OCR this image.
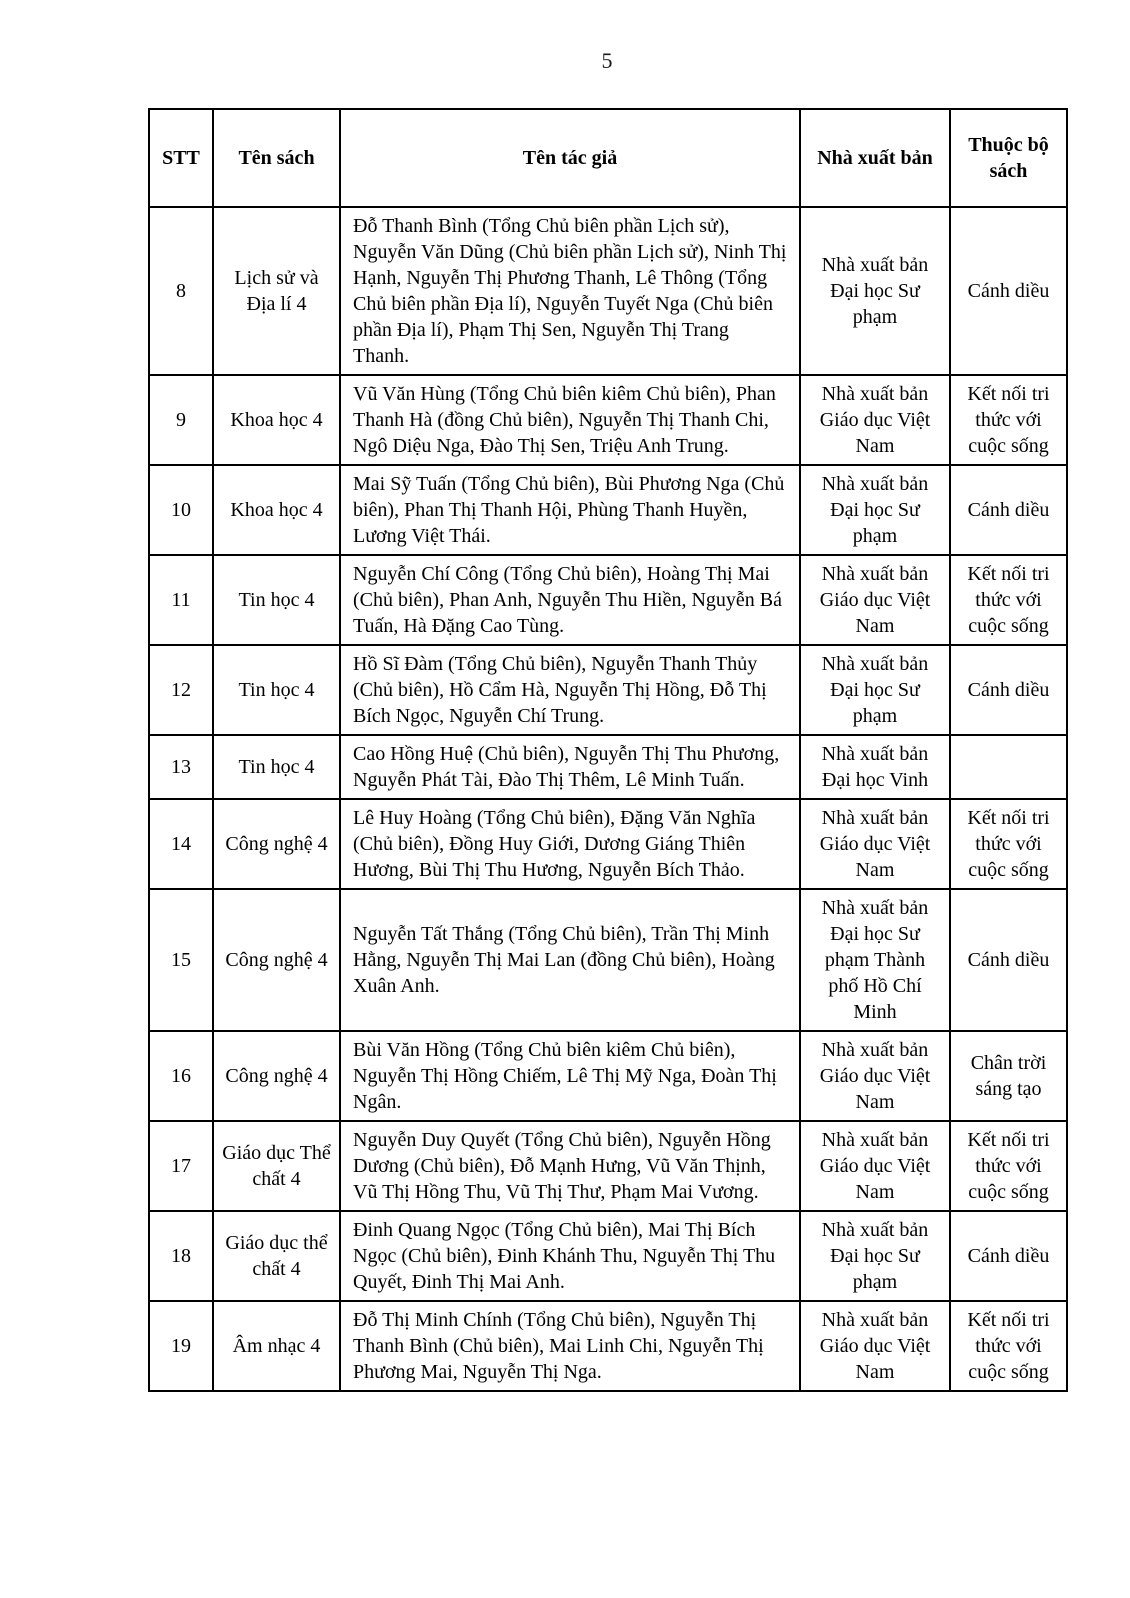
5
STT	Tên sách	Tên tác giả	Nhà xuất bản	Thuộc bộ sách
8	Lịch sử và Địa lí 4	Đỗ Thanh Bình (Tổng Chủ biên phần Lịch sử), Nguyễn Văn Dũng (Chủ biên phần Lịch sử), Ninh Thị Hạnh, Nguyễn Thị Phương Thanh, Lê Thông (Tổng Chủ biên phần Địa lí), Nguyễn Tuyết Nga (Chủ biên phần Địa lí), Phạm Thị Sen, Nguyễn Thị Trang Thanh.	Nhà xuất bản Đại học Sư phạm	Cánh diều
9	Khoa học 4	Vũ Văn Hùng (Tổng Chủ biên kiêm Chủ biên), Phan Thanh Hà (đồng Chủ biên), Nguyễn Thị Thanh Chi, Ngô Diệu Nga, Đào Thị Sen, Triệu Anh Trung.	Nhà xuất bản Giáo dục Việt Nam	Kết nối tri thức với cuộc sống
10	Khoa học 4	Mai Sỹ Tuấn (Tổng Chủ biên), Bùi Phương Nga (Chủ biên), Phan Thị Thanh Hội, Phùng Thanh Huyền, Lương Việt Thái.	Nhà xuất bản Đại học Sư phạm	Cánh diều
11	Tin học 4	Nguyễn Chí Công (Tổng Chủ biên), Hoàng Thị Mai (Chủ biên), Phan Anh, Nguyễn Thu Hiền, Nguyễn Bá Tuấn, Hà Đặng Cao Tùng.	Nhà xuất bản Giáo dục Việt Nam	Kết nối tri thức với cuộc sống
12	Tin học 4	Hồ Sĩ Đàm (Tổng Chủ biên), Nguyễn Thanh Thủy (Chủ biên), Hồ Cẩm Hà, Nguyễn Thị Hồng, Đỗ Thị Bích Ngọc, Nguyễn Chí Trung.	Nhà xuất bản Đại học Sư phạm	Cánh diều
13	Tin học 4	Cao Hồng Huệ (Chủ biên), Nguyễn Thị Thu Phương, Nguyễn Phát Tài, Đào Thị Thêm, Lê Minh Tuấn.	Nhà xuất bản Đại học Vinh	
14	Công nghệ 4	Lê Huy Hoàng (Tổng Chủ biên), Đặng Văn Nghĩa (Chủ biên), Đồng Huy Giới, Dương Giáng Thiên Hương, Bùi Thị Thu Hương, Nguyễn Bích Thảo.	Nhà xuất bản Giáo dục Việt Nam	Kết nối tri thức với cuộc sống
15	Công nghệ 4	Nguyễn Tất Thắng (Tổng Chủ biên), Trần Thị Minh Hằng, Nguyễn Thị Mai Lan (đồng Chủ biên), Hoàng Xuân Anh.	Nhà xuất bản Đại học Sư phạm Thành phố Hồ Chí Minh	Cánh diều
16	Công nghệ 4	Bùi Văn Hồng (Tổng Chủ biên kiêm Chủ biên), Nguyễn Thị Hồng Chiếm, Lê Thị Mỹ Nga, Đoàn Thị Ngân.	Nhà xuất bản Giáo dục Việt Nam	Chân trời sáng tạo
17	Giáo dục Thể chất 4	Nguyễn Duy Quyết (Tổng Chủ biên), Nguyễn Hồng Dương (Chủ biên), Đỗ Mạnh Hưng, Vũ Văn Thịnh, Vũ Thị Hồng Thu, Vũ Thị Thư, Phạm Mai Vương.	Nhà xuất bản Giáo dục Việt Nam	Kết nối tri thức với cuộc sống
18	Giáo dục thể chất 4	Đinh Quang Ngọc (Tổng Chủ biên), Mai Thị Bích Ngọc (Chủ biên), Đinh Khánh Thu, Nguyễn Thị Thu Quyết, Đinh Thị Mai Anh.	Nhà xuất bản Đại học Sư phạm	Cánh diều
19	Âm nhạc 4	Đỗ Thị Minh Chính (Tổng Chủ biên), Nguyễn Thị Thanh Bình (Chủ biên), Mai Linh Chi, Nguyễn Thị Phương Mai, Nguyễn Thị Nga.	Nhà xuất bản Giáo dục Việt Nam	Kết nối tri thức với cuộc sống
